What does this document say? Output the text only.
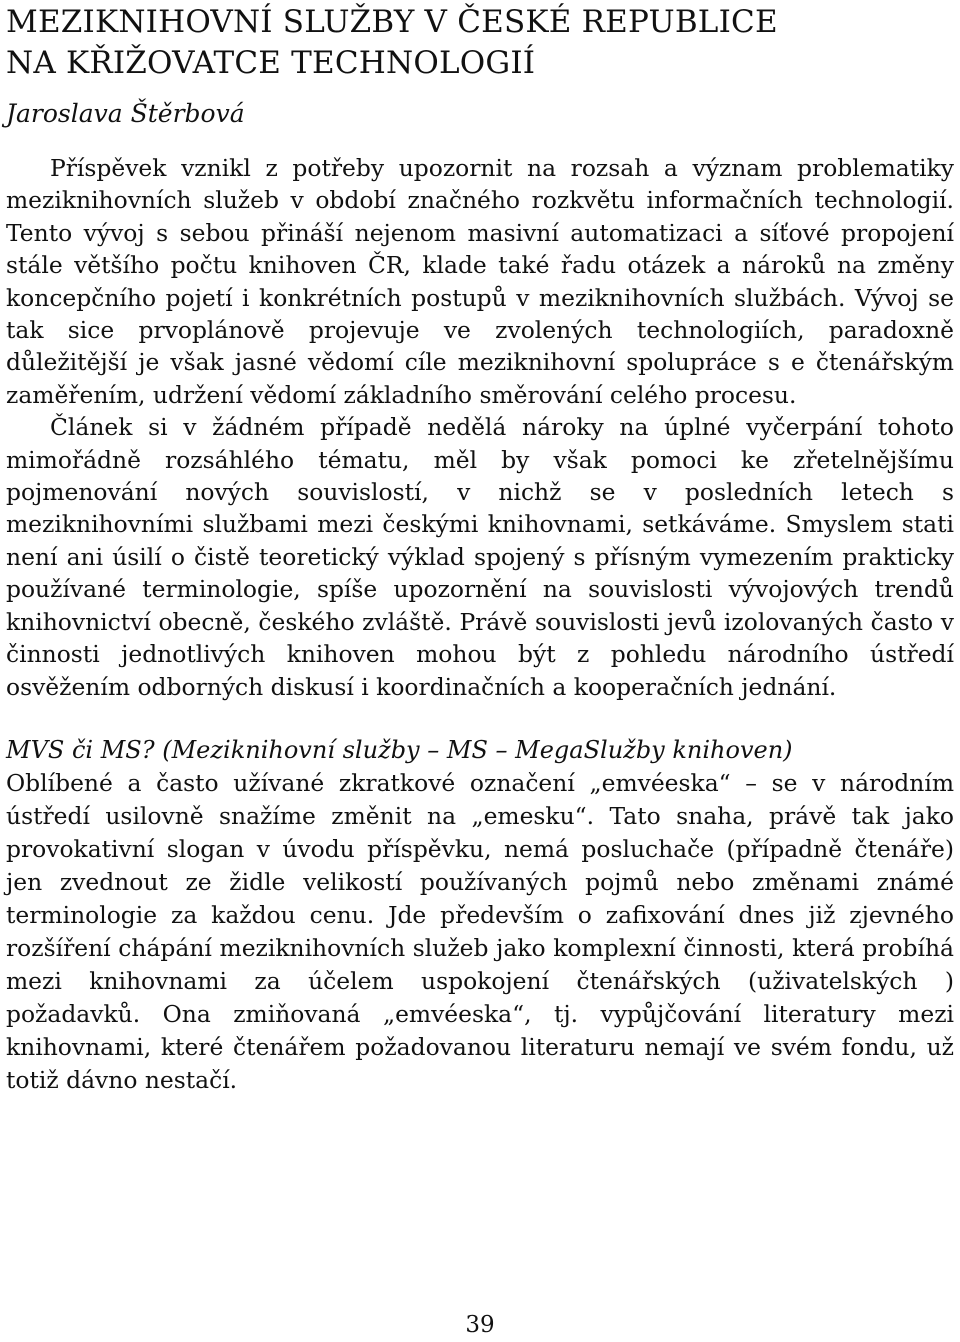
MEZIKNIHOVNÍ SLUŽBY V ČESKÉ REPUBLICE
NA KŘIŽOVATCE TECHNOLOGIÍ
Jaroslava Štěrbová

Příspěvek vznikl z potřeby upozornit na rozsah a význam problematiky meziknihovních služeb v období značného rozkvětu informačních technologií. Tento vývoj s sebou přináší nejenom masivní automatizaci a síťové propojení stále většího počtu knihoven ČR, klade také řadu otázek a nároků na změny koncepčního pojetí i konkrétních postupů v meziknihovních službách. Vývoj se tak sice prvoplánově projevuje ve zvolených technologiích, paradoxně důležitější je však jasné vědomí cíle meziknihovní spolupráce s e čtenářským zaměřením, udržení vědomí základního směrování celého procesu.

Článek si v žádném případě nedělá nároky na úplné vyčerpání tohoto mimořádně rozsáhlého tématu, měl by však pomoci ke zřetelnějšímu pojmenování nových souvislostí, v nichž se v posledních letech s meziknihovními službami mezi českými knihovnami, setkáváme. Smyslem stati není ani úsilí o čistě teoretický výklad spojený s přísným vymezením prakticky používané terminologie, spíše upozornění na souvislosti vývojových trendů knihovnictví obecně, českého zvláště. Právě souvislosti jevů izolovaných často v činnosti jednotlivých knihoven mohou být z pohledu národního ústředí osvěžením odborných diskusí i koordinačních a kooperačních jednání.

MVS či MS? (Meziknihovní služby – MS – MegaSlužby knihoven)

Oblíbené a často užívané zkratkové označení „emvéeska“ – se v národním ústředí usilovně snažíme změnit na „emesku“. Tato snaha, právě tak jako provokativní slogan v úvodu příspěvku, nemá posluchače (případně čtenáře) jen zvednout ze židle velikostí používaných pojmů nebo změnami známé terminologie za každou cenu. Jde především o zafixování dnes již zjevného rozšíření chápání meziknihovních služeb jako komplexní činnosti, která probíhá mezi knihovnami za účelem uspokojení čtenářských (uživatelských ) požadavků. Ona zmiňovaná „emvéeska“, tj. vypůjčování literatury mezi knihovnami, které čtenářem požadovanou literaturu nemají ve svém fondu, už totiž dávno nestačí.

39
